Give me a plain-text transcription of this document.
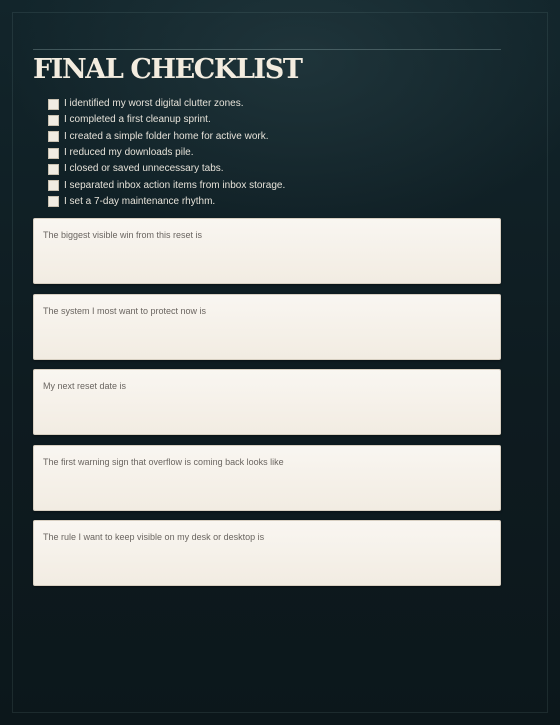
FINAL CHECKLIST
I identified my worst digital clutter zones.
I completed a first cleanup sprint.
I created a simple folder home for active work.
I reduced my downloads pile.
I closed or saved unnecessary tabs.
I separated inbox action items from inbox storage.
I set a 7-day maintenance rhythm.
The biggest visible win from this reset is
The system I most want to protect now is
My next reset date is
The first warning sign that overflow is coming back looks like
The rule I want to keep visible on my desk or desktop is
